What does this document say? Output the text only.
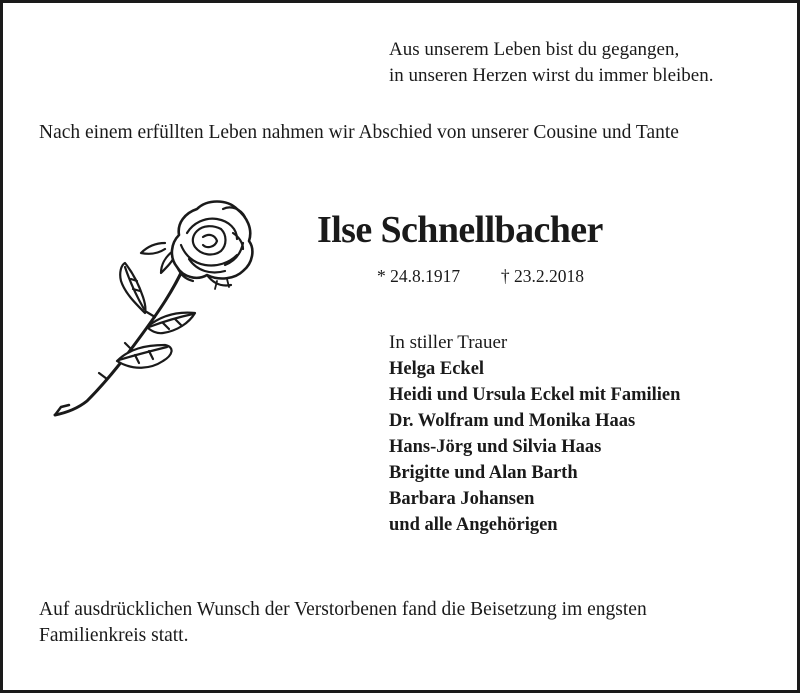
Aus unserem Leben bist du gegangen,
in unseren Herzen wirst du immer bleiben.
Nach einem erfüllten Leben nahmen wir Abschied von unserer Cousine und Tante
Ilse Schnellbacher
* 24.8.1917 † 23.2.2018
In stiller Trauer
Helga Eckel
Heidi und Ursula Eckel mit Familien
Dr. Wolfram und Monika Haas
Hans-Jörg und Silvia Haas
Brigitte und Alan Barth
Barbara Johansen
und alle Angehörigen
Auf ausdrücklichen Wunsch der Verstorbenen fand die Beisetzung im engsten
Familienkreis statt.
